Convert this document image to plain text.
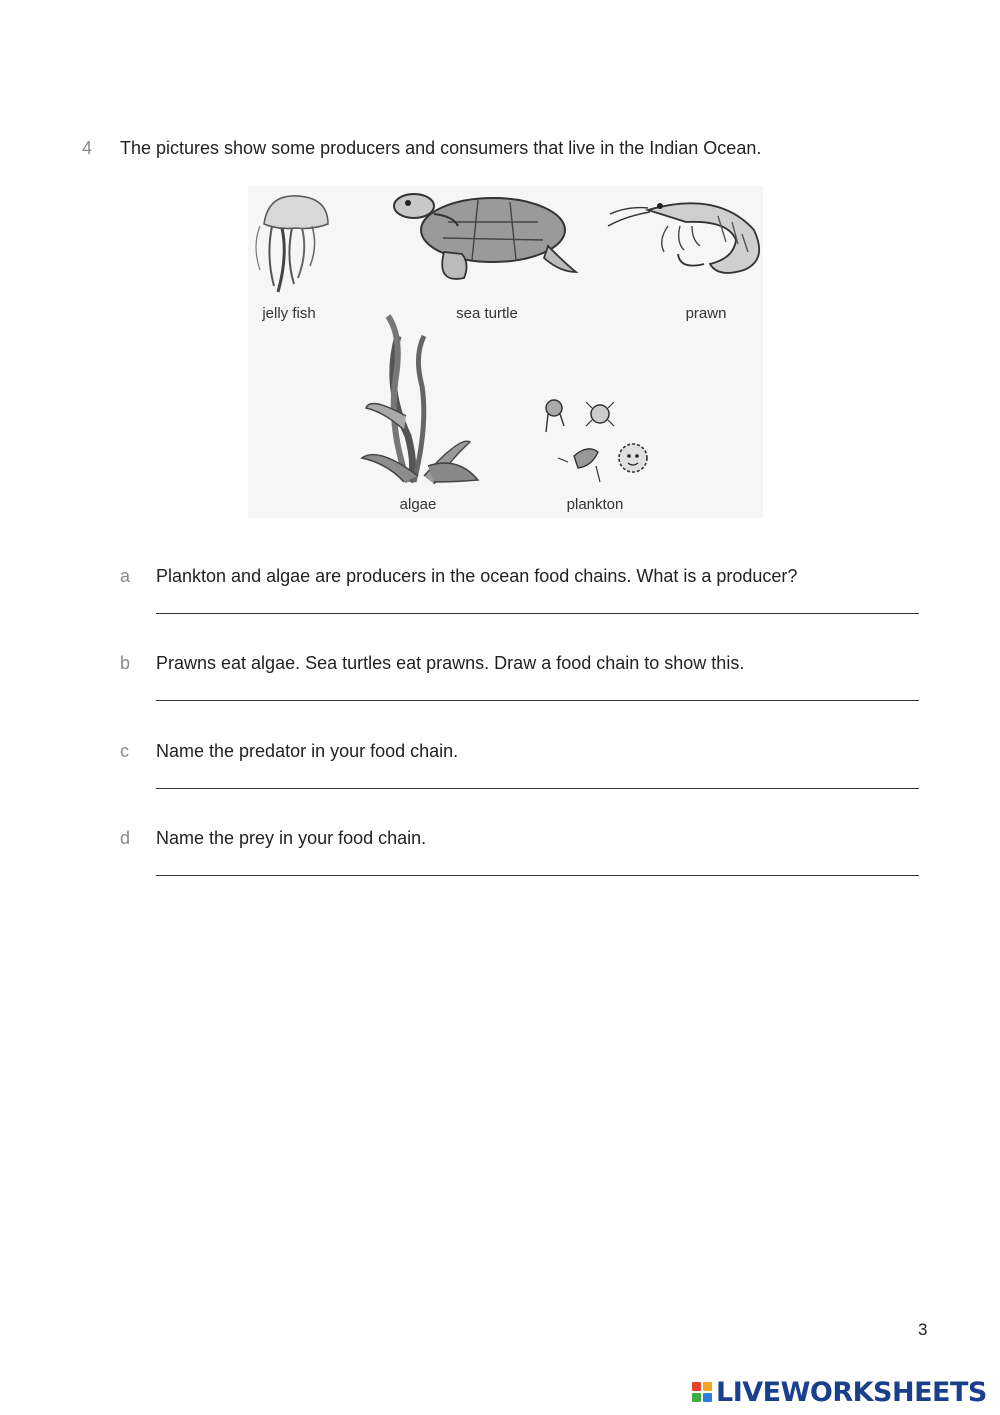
4 The pictures show some producers and consumers that live in the Indian Ocean.
jelly fish	sea turtle	prawn
algae	plankton
a Plankton and algae are producers in the ocean food chains. What is a producer?
b Prawns eat algae. Sea turtles eat prawns. Draw a food chain to show this.
c Name the predator in your food chain.
d Name the prey in your food chain.
3
LIVEWORKSHEETS
